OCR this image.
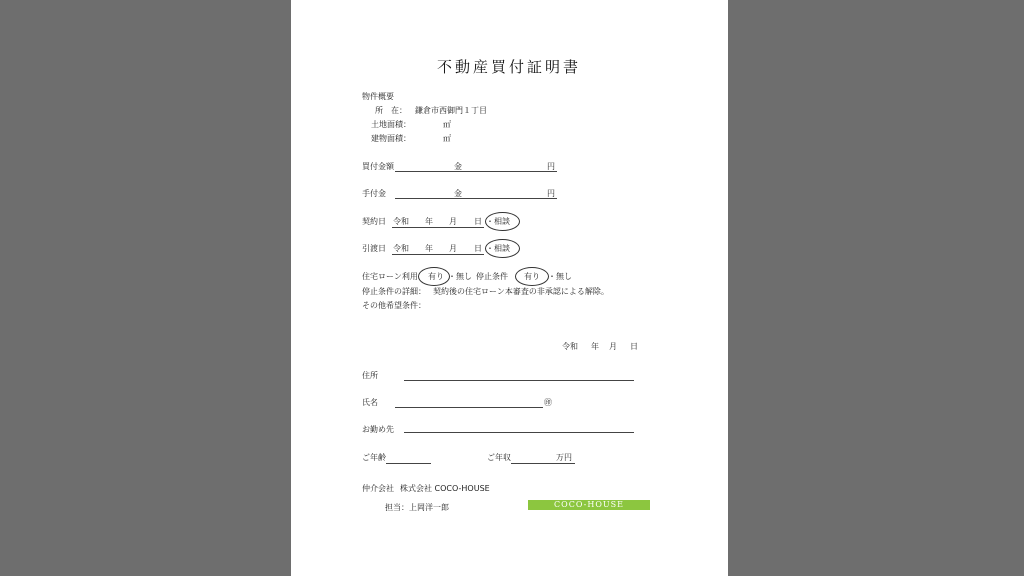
不動産買付証明書
物件概要
所　在： 鎌倉市西御門１丁目
土地面積：	㎡
建物面積：	㎡
買付金額	金	円
手付金	金	円
契約日 令和 年 月 日 ・相談
引渡日 令和 年 月 日 ・相談
住宅ローン利用 有り ・無し 停止条件 有り ・無し
停止条件の詳細： 契約後の住宅ローン本審査の非承認による解除。
その他希望条件：
令和 年 月 日
住所
氏名	㊞
お勤め先
ご年齢	ご年収	万円
仲介会社 株式会社 COCO-HOUSE
担当：上岡洋一郎	COCO-HOUSE
